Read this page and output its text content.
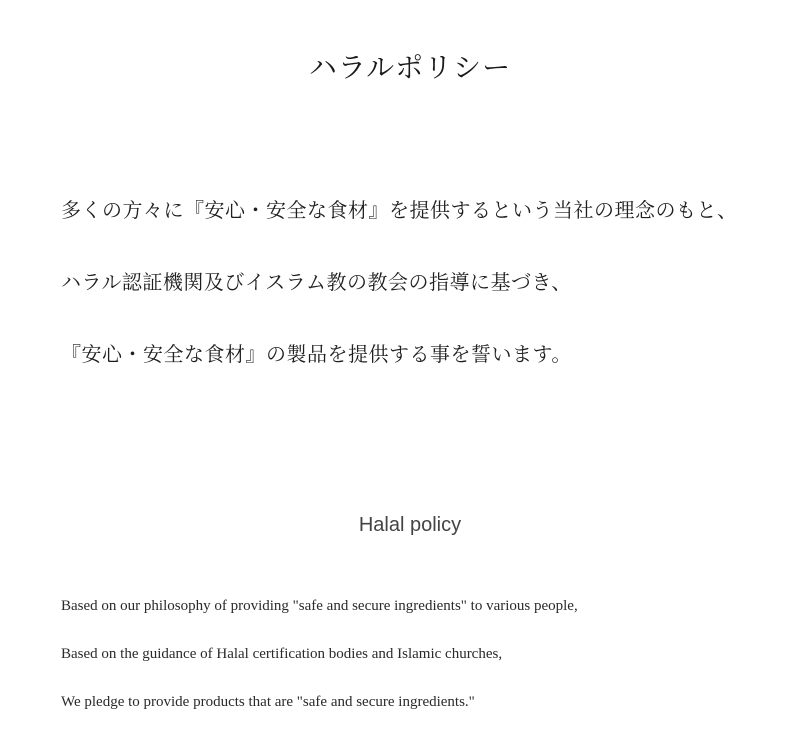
ハラルポリシー
多くの方々に『安心・安全な食材』を提供するという当社の理念のもと、
ハラル認証機関及びイスラム教の教会の指導に基づき、
『安心・安全な食材』の製品を提供する事を誓います。
Halal policy
Based on our philosophy of providing "safe and secure ingredients" to various people,
Based on the guidance of Halal certification bodies and Islamic churches,
We pledge to provide products that are "safe and secure ingredients."
